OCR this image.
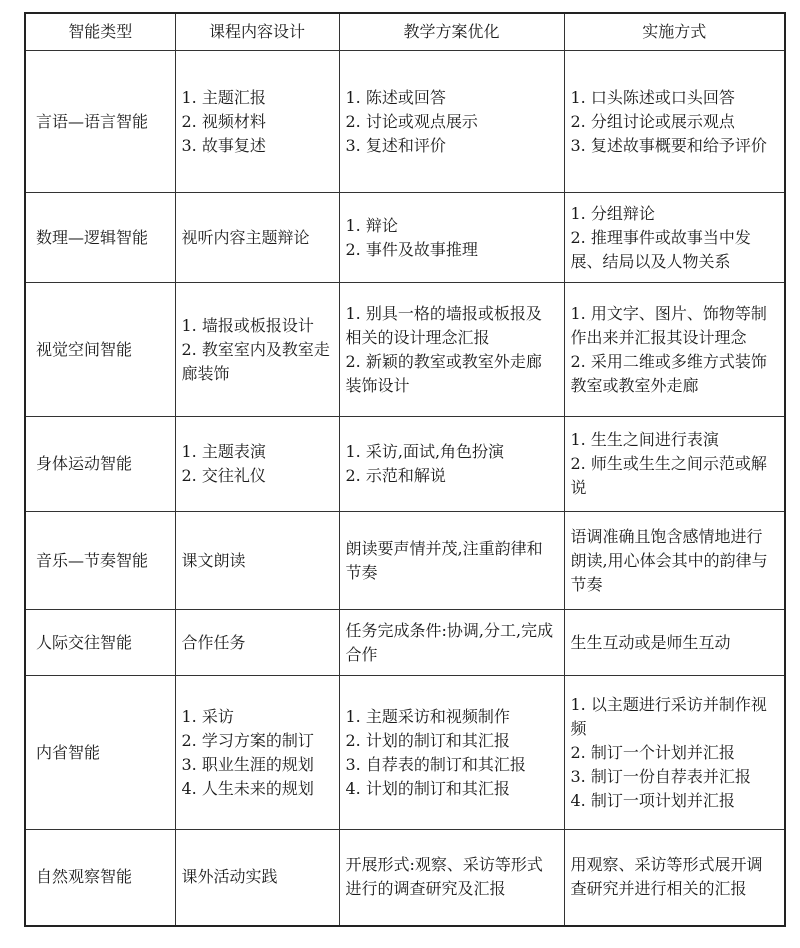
智能类型	课程内容设计	教学方案优化	实施方式
言语—语言智能	1. 主题汇报
2. 视频材料
3. 故事复述	1. 陈述或回答
2. 讨论或观点展示
3. 复述和评价	1. 口头陈述或口头回答
2. 分组讨论或展示观点
3. 复述故事概要和给予评价

数理—逻辑智能	视听内容主题辩论	1. 辩论
2. 事件及故事推理	1. 分组辩论
2. 推理事件或故事当中发展、结局以及人物关系

视觉空间智能	1. 墙报或板报设计
2. 教室室内及教室走廊装饰	1. 别具一格的墙报或板报及相关的设计理念汇报
2. 新颖的教室或教室外走廊装饰设计	1. 用文字、图片、饰物等制作出来并汇报其设计理念
2. 采用二维或多维方式装饰教室或教室外走廊

身体运动智能	1. 主题表演
2. 交往礼仪	1. 采访,面试,角色扮演
2. 示范和解说	1. 生生之间进行表演
2. 师生或生生之间示范或解说

音乐—节奏智能	课文朗读	朗读要声情并茂,注重韵律和节奏	语调准确且饱含感情地进行朗读,用心体会其中的韵律与节奏

人际交往智能	合作任务	任务完成条件:协调,分工,完成合作	生生互动或是师生互动

内省智能	1. 采访
2. 学习方案的制订
3. 职业生涯的规划
4. 人生未来的规划	1. 主题采访和视频制作
2. 计划的制订和其汇报
3. 自荐表的制订和其汇报
4. 计划的制订和其汇报	1. 以主题进行采访并制作视频
2. 制订一个计划并汇报
3. 制订一份自荐表并汇报
4. 制订一项计划并汇报

自然观察智能	课外活动实践	开展形式:观察、采访等形式进行的调查研究及汇报	用观察、采访等形式展开调查研究并进行相关的汇报
